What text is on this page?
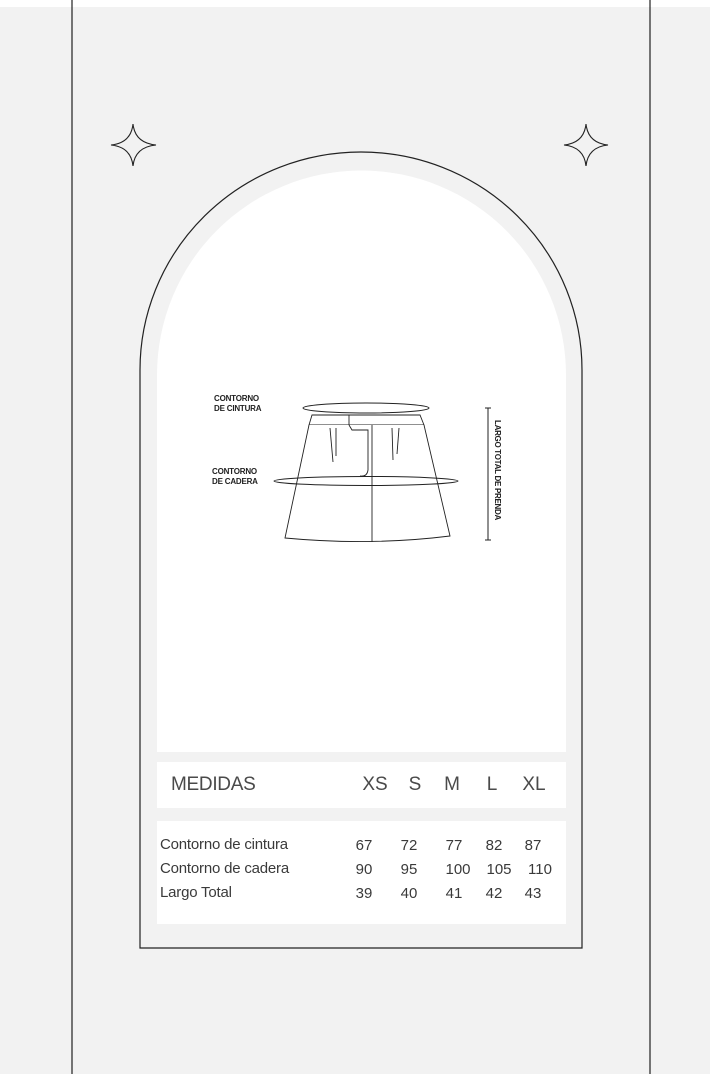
CONTORNO
DE CINTURA
CONTORNO
DE CADERA	LARGO TOTAL DE PRENDA
MEDIDAS	XS	S	M	L	XL
Contorno de cintura	67	72	77	82	87
Contorno de cadera	90	95	100	105	110
Largo Total	39	40	41	42	43
